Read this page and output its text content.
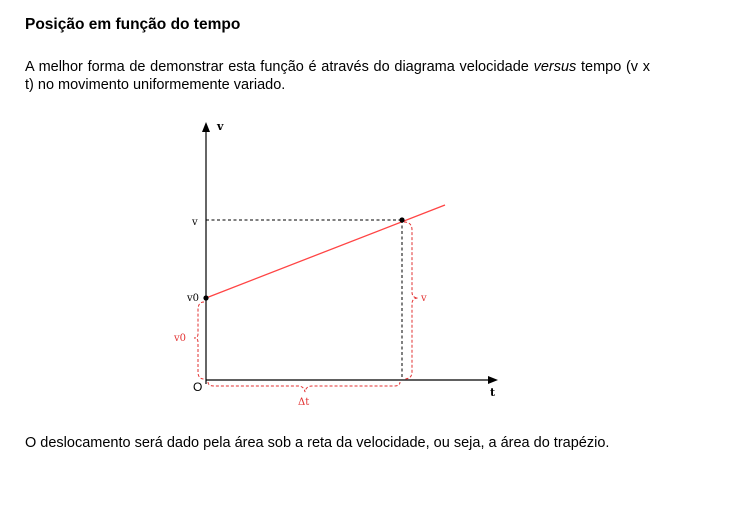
Posição em função do tempo
A melhor forma de demonstrar esta função é através do diagrama velocidade versus tempo (v x t) no movimento uniformemente variado.
v
t
O
v
v0
v0
v
Δt
O deslocamento será dado pela área sob a reta da velocidade, ou seja, a área do trapézio.
